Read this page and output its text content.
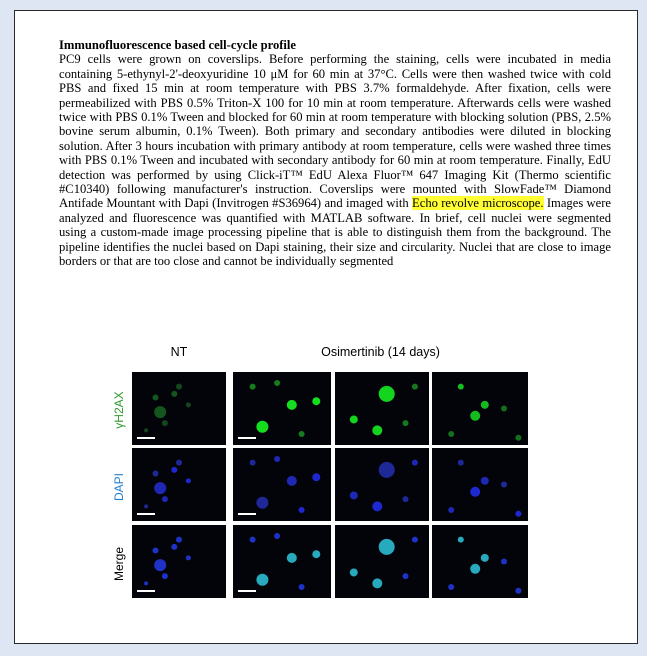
Immunofluorescence based cell-cycle profile
PC9 cells were grown on coverslips. Before performing the staining, cells were incubated in media containing 5-ethynyl-2'-deoxyuridine 10 μM for 60 min at 37°C. Cells were then washed twice with cold PBS and fixed 15 min at room temperature with PBS 3.7% formaldehyde. After fixation, cells were permeabilized with PBS 0.5% Triton-X 100 for 10 min at room temperature. Afterwards cells were washed twice with PBS 0.1% Tween and blocked for 60 min at room temperature with blocking solution (PBS, 2.5% bovine serum albumin, 0.1% Tween). Both primary and secondary antibodies were diluted in blocking solution. After 3 hours incubation with primary antibody at room temperature, cells were washed three times with PBS 0.1% Tween and incubated with secondary antibody for 60 min at room temperature. Finally, EdU detection was performed by using Click-iT™ EdU Alexa Fluor™ 647 Imaging Kit (Thermo scientific #C10340) following manufacturer's instruction. Coverslips were mounted with SlowFade™ Diamond Antifade Mountant with Dapi (Invitrogen #S36964) and imaged with Echo revolve microscope. Images were analyzed and fluorescence was quantified with MATLAB software. In brief, cell nuclei were segmented using a custom-made image processing pipeline that is able to distinguish them from the background. The pipeline identifies the nuclei based on Dapi staining, their size and circularity. Nuclei that are close to image borders or that are too close and cannot be individually segmented
NT	Osimertinib (14 days)
γH2AX
DAPI
Merge
